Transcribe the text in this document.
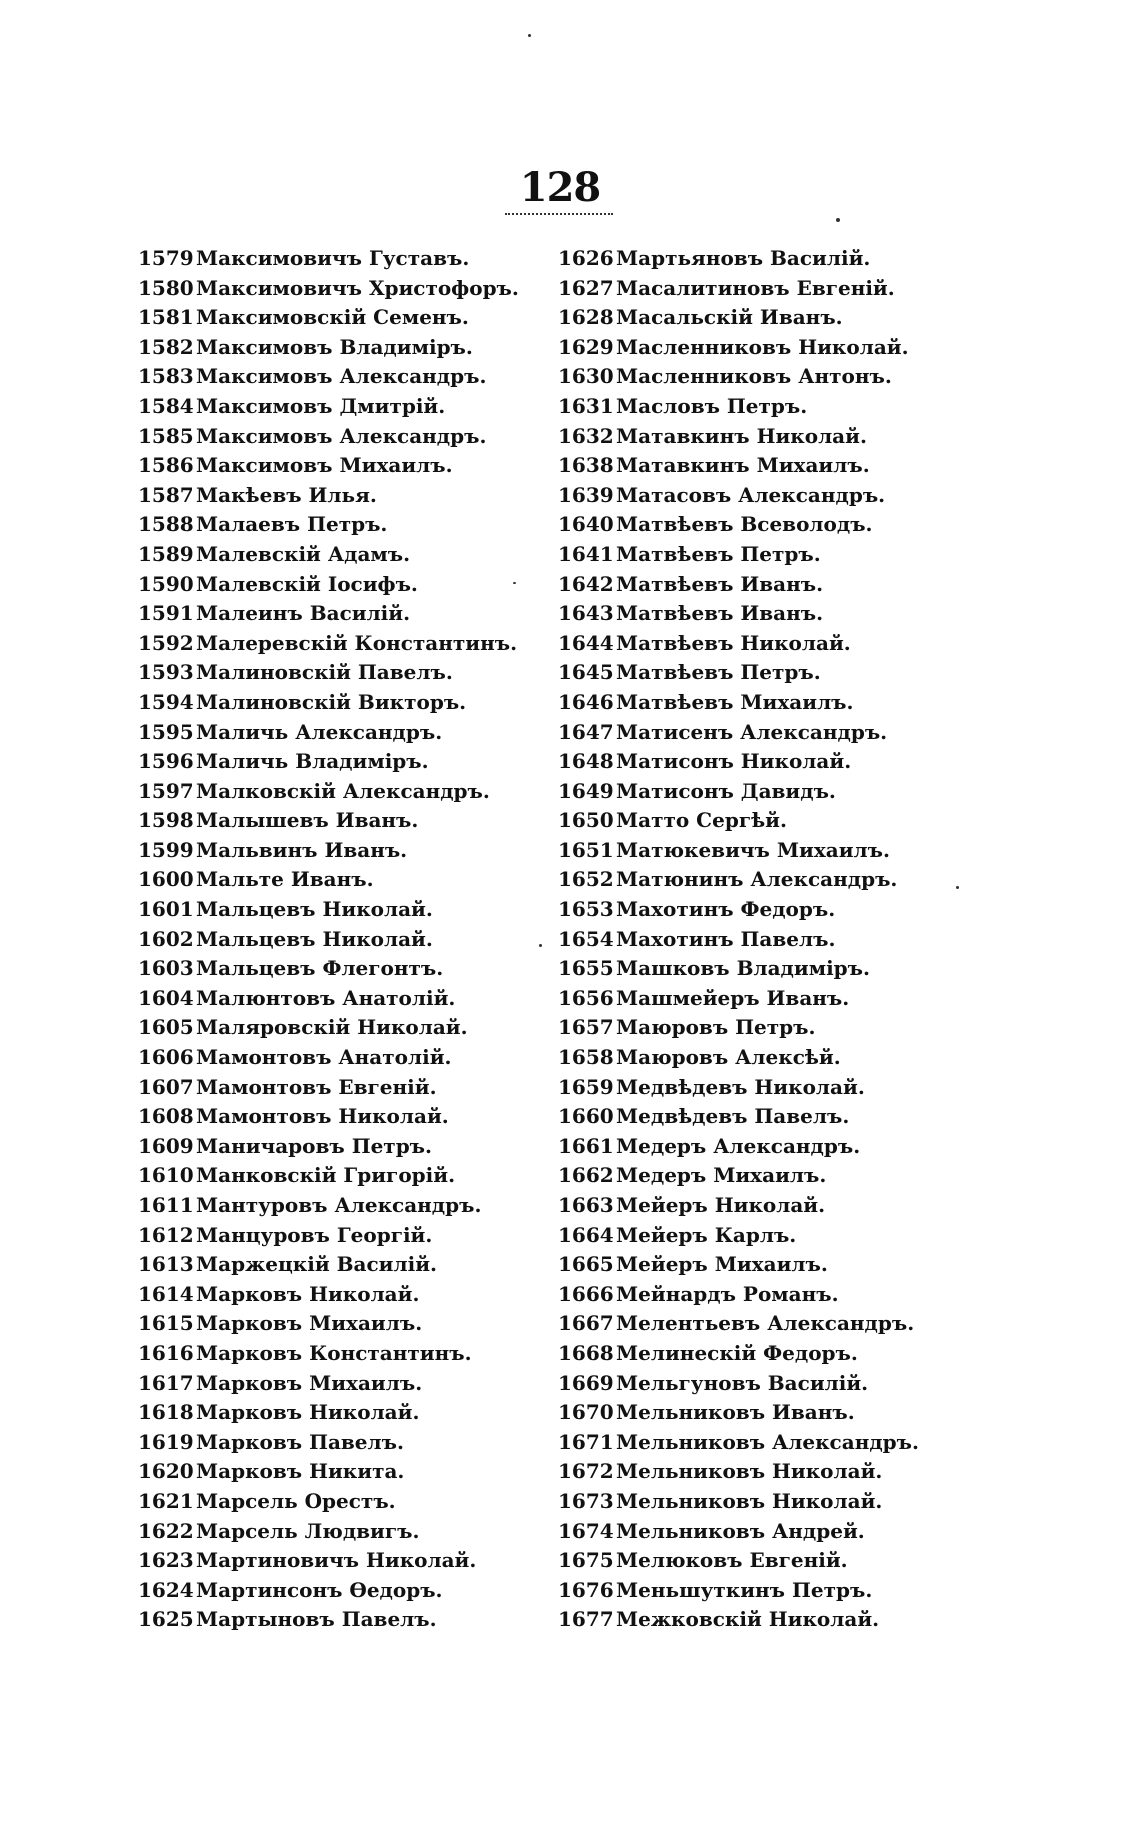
128
1579 Максимовичъ Густавъ.
1580 Максимовичъ Христофоръ.
1581 Максимовскій Семенъ.
1582 Максимовъ Владиміръ.
1583 Максимовъ Александръ.
1584 Максимовъ Дмитрій.
1585 Максимовъ Александръ.
1586 Максимовъ Михаилъ.
1587 Макѣевъ Илья.
1588 Малаевъ Петръ.
1589 Малевскій Адамъ.
1590 Малевскій Іосифъ.
1591 Малеинъ Василій.
1592 Малеревскій Константинъ.
1593 Малиновскій Павелъ.
1594 Малиновскій Викторъ.
1595 Маличь Александръ.
1596 Маличь Владиміръ.
1597 Малковскій Александръ.
1598 Малышевъ Иванъ.
1599 Мальвинъ Иванъ.
1600 Мальте Иванъ.
1601 Мальцевъ Николай.
1602 Мальцевъ Николай.
1603 Мальцевъ Флегонтъ.
1604 Малюнтовъ Анатолій.
1605 Маляровскій Николай.
1606 Мамонтовъ Анатолій.
1607 Мамонтовъ Евгеній.
1608 Мамонтовъ Николай.
1609 Маничаровъ Петръ.
1610 Манковскій Григорій.
1611 Мантуровъ Александръ.
1612 Манцуровъ Георгій.
1613 Маржецкій Василій.
1614 Марковъ Николай.
1615 Марковъ Михаилъ.
1616 Марковъ Константинъ.
1617 Марковъ Михаилъ.
1618 Марковъ Николай.
1619 Марковъ Павелъ.
1620 Марковъ Никита.
1621 Марсель Орестъ.
1622 Марсель Людвигъ.
1623 Мартиновичъ Николай.
1624 Мартинсонъ Ѳедоръ.
1625 Мартыновъ Павелъ.
1626 Мартьяновъ Василій.
1627 Масалитиновъ Евгеній.
1628 Масальскій Иванъ.
1629 Масленниковъ Николай.
1630 Масленниковъ Антонъ.
1631 Масловъ Петръ.
1632 Матавкинъ Николай.
1638 Матавкинъ Михаилъ.
1639 Матасовъ Александръ.
1640 Матвѣевъ Всеволодъ.
1641 Матвѣевъ Петръ.
1642 Матвѣевъ Иванъ.
1643 Матвѣевъ Иванъ.
1644 Матвѣевъ Николай.
1645 Матвѣевъ Петръ.
1646 Матвѣевъ Михаилъ.
1647 Матисенъ Александръ.
1648 Матисонъ Николай.
1649 Матисонъ Давидъ.
1650 Матто Сергѣй.
1651 Матюкевичъ Михаилъ.
1652 Матюнинъ Александръ.
1653 Махотинъ Федоръ.
1654 Махотинъ Павелъ.
1655 Машковъ Владиміръ.
1656 Машмейеръ Иванъ.
1657 Маюровъ Петръ.
1658 Маюровъ Алексѣй.
1659 Медвѣдевъ Николай.
1660 Медвѣдевъ Павелъ.
1661 Медеръ Александръ.
1662 Медеръ Михаилъ.
1663 Мейеръ Николай.
1664 Мейеръ Карлъ.
1665 Мейеръ Михаилъ.
1666 Мейнардъ Романъ.
1667 Мелентьевъ Александръ.
1668 Мелинескій Федоръ.
1669 Мельгуновъ Василій.
1670 Мельниковъ Иванъ.
1671 Мельниковъ Александръ.
1672 Мельниковъ Николай.
1673 Мельниковъ Николай.
1674 Мельниковъ Андрей.
1675 Мелюковъ Евгеній.
1676 Меньшуткинъ Петръ.
1677 Межковскій Николай.
